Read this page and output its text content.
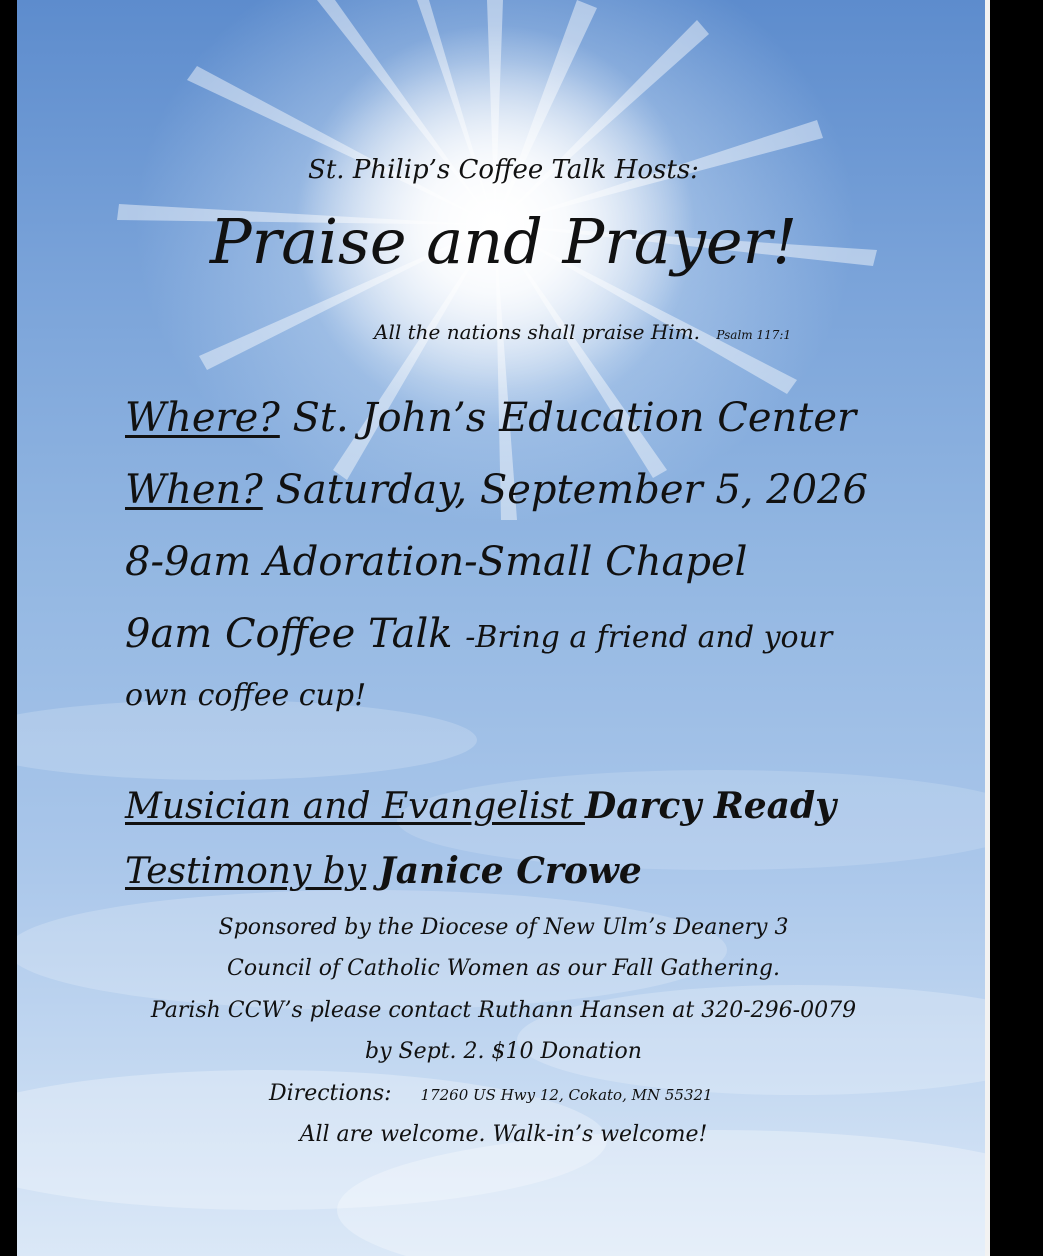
St. Philip’s Coffee Talk Hosts:

Praise and Prayer!

All the nations shall praise Him. Psalm 117:1
Where? St. John’s Education Center
When? Saturday, September 5, 2026
8-9am Adoration-Small Chapel
9am Coffee Talk -Bring a friend and your
own coffee cup!
Musician and Evangelist Darcy Ready
Testimony by Janice Crowe

Sponsored by the Diocese of New Ulm’s Deanery 3

Council of Catholic Women as our Fall Gathering.

Parish CCW’s please contact Ruthann Hansen at 320-296-0079

by Sept. 2. $10 Donation

Directions: 17260 US Hwy 12, Cokato, MN 55321

All are welcome. Walk-in’s welcome!
